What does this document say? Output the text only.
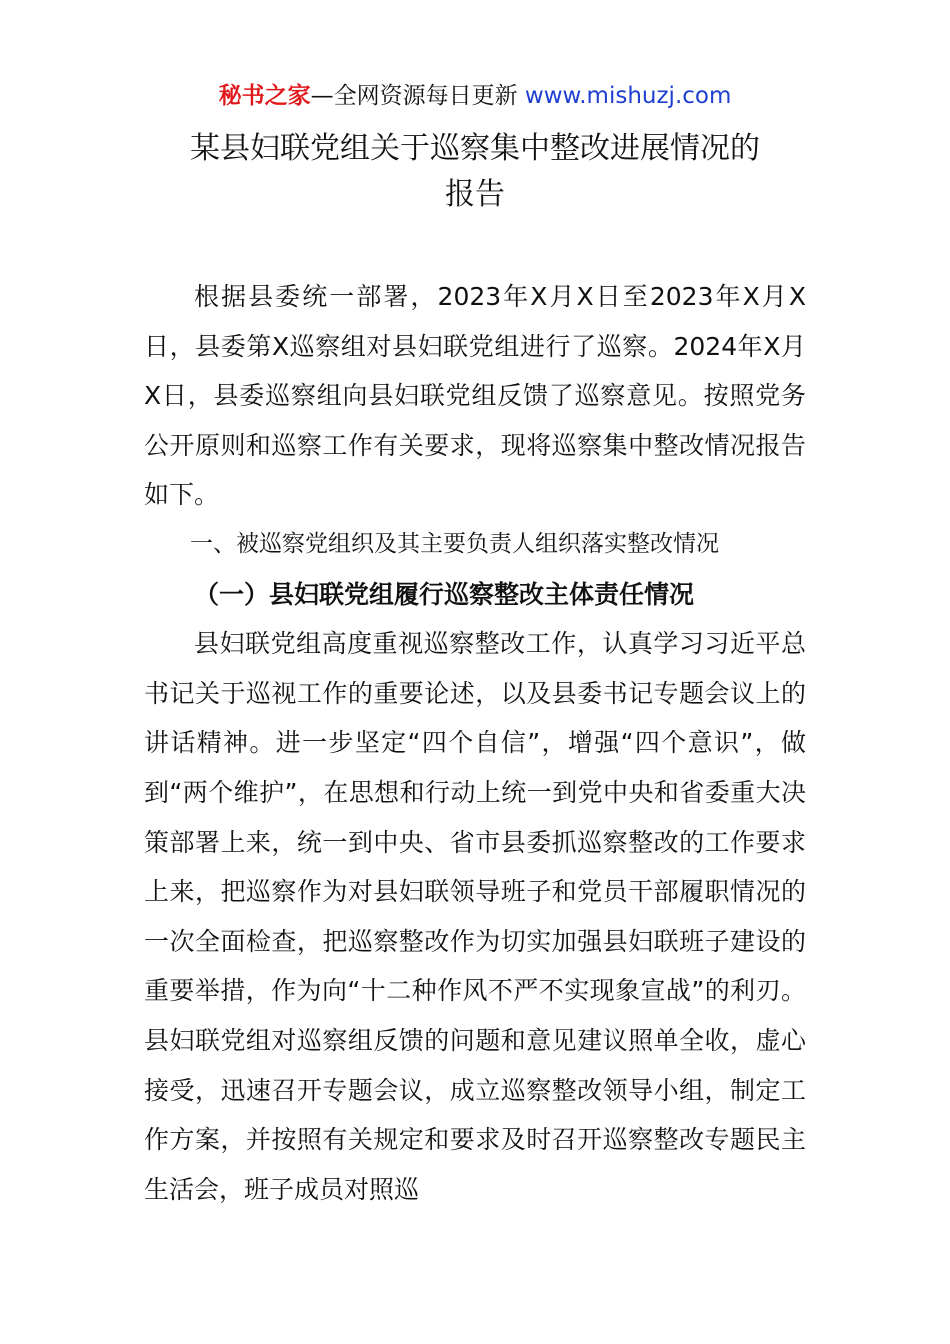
秘书之家—全网资源每日更新 www.mishuzj.com
某县妇联党组关于巡察集中整改进展情况的
报告

根据县委统一部署，2023年X月X日至2023年X月X日，县委第X巡察组对县妇联党组进行了巡察。2024年X月X日，县委巡察组向县妇联党组反馈了巡察意见。按照党务公开原则和巡察工作有关要求，现将巡察集中整改情况报告如下。

一、被巡察党组织及其主要负责人组织落实整改情况

（一）县妇联党组履行巡察整改主体责任情况

县妇联党组高度重视巡察整改工作，认真学习习近平总书记关于巡视工作的重要论述，以及县委书记专题会议上的讲话精神。进一步坚定“四个自信”，增强“四个意识”，做到“两个维护”，在思想和行动上统一到党中央和省委重大决策部署上来，统一到中央、省市县委抓巡察整改的工作要求上来，把巡察作为对县妇联领导班子和党员干部履职情况的一次全面检查，把巡察整改作为切实加强县妇联班子建设的重要举措，作为向“十二种作风不严不实现象宣战”的利刃。县妇联党组对巡察组反馈的问题和意见建议照单全收，虚心接受，迅速召开专题会议，成立巡察整改领导小组，制定工作方案，并按照有关规定和要求及时召开巡察整改专题民主生活会，班子成员对照巡
